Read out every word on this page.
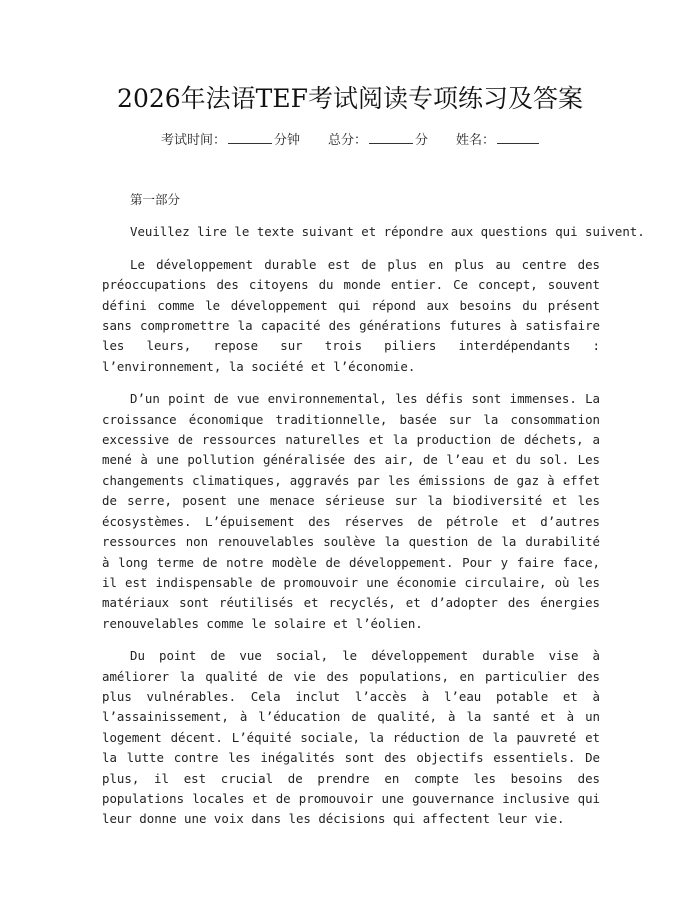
2026年法语TEF考试阅读专项练习及答案
考试时间：	分钟 总分：	分 姓名：

第一部分

Veuillez lire le texte suivant et répondre aux questions qui suivent.

Le développement durable est de plus en plus au centre des préoccupations des citoyens du monde entier. Ce concept, souvent défini comme le développement qui répond aux besoins du présent sans compromettre la capacité des générations futures à satisfaire les leurs, repose sur trois piliers interdépendants : l’environnement, la société et l’économie.

D’un point de vue environnemental, les défis sont immenses. La croissance économique traditionnelle, basée sur la consommation excessive de ressources naturelles et la production de déchets, a mené à une pollution généralisée des air, de l’eau et du sol. Les changements climatiques, aggravés par les émissions de gaz à effet de serre, posent une menace sérieuse sur la biodiversité et les écosystèmes. L’épuisement des réserves de pétrole et d’autres ressources non renouvelables soulève la question de la durabilité à long terme de notre modèle de développement. Pour y faire face, il est indispensable de promouvoir une économie circulaire, où les matériaux sont réutilisés et recyclés, et d’adopter des énergies renouvelables comme le solaire et l’éolien.

Du point de vue social, le développement durable vise à améliorer la qualité de vie des populations, en particulier des plus vulnérables. Cela inclut l’accès à l’eau potable et à l’assainissement, à l’éducation de qualité, à la santé et à un logement décent. L’équité sociale, la réduction de la pauvreté et la lutte contre les inégalités sont des objectifs essentiels. De plus, il est crucial de prendre en compte les besoins des populations locales et de promouvoir une gouvernance inclusive qui leur donne une voix dans les décisions qui affectent leur vie.
